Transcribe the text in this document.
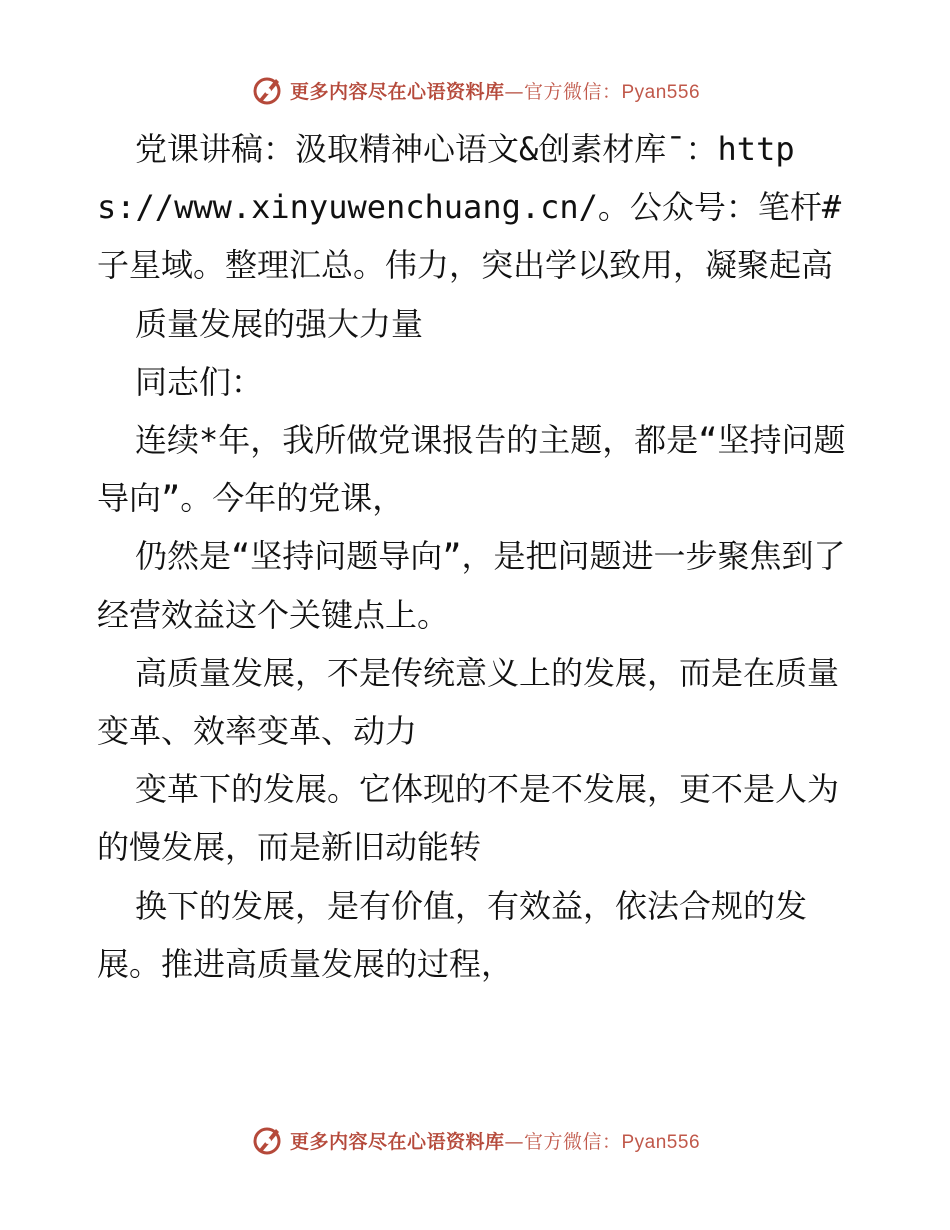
更多内容尽在心语资料库—官方微信：Pyan556

党课讲稿：汲取精神心语文&创素材库¯：https://www.xinyuwenchuang.cn/。公众号：笔杆#子星域。整理汇总。伟力，突出学以致用，凝聚起高

质量发展的强大力量

同志们：

连续*年，我所做党课报告的主题，都是“坚持问题导向”。今年的党课，

仍然是“坚持问题导向”，是把问题进一步聚焦到了经营效益这个关键点上。

高质量发展，不是传统意义上的发展，而是在质量变革、效率变革、动力

变革下的发展。它体现的不是不发展，更不是人为的慢发展，而是新旧动能转

换下的发展，是有价值，有效益，依法合规的发展。推进高质量发展的过程，

更多内容尽在心语资料库—官方微信：Pyan556
